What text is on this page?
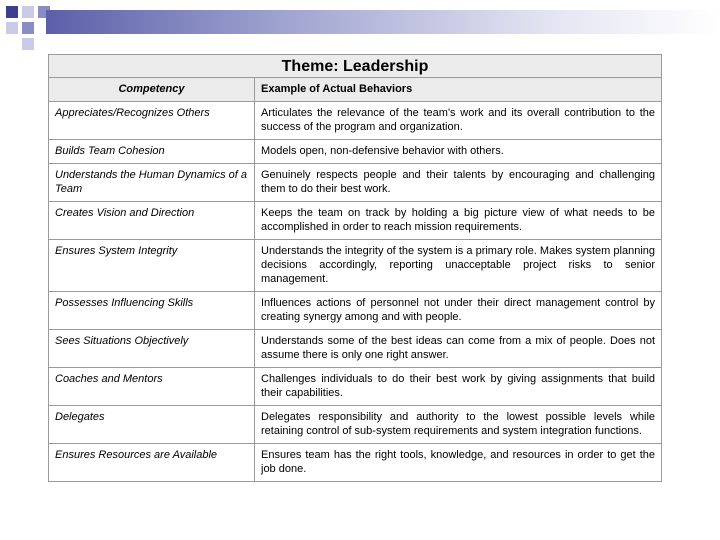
Theme: Leadership	
Competency	Example of Actual Behaviors
Appreciates/Recognizes Others	Articulates the relevance of the team's work and its overall contribution to the success of the program and organization.
Builds Team Cohesion	Models open, non-defensive behavior with others.
Understands the Human Dynamics of a Team	Genuinely respects people and their talents by encouraging and challenging them to do their best work.
Creates Vision and Direction	Keeps the team on track by holding a big picture view of what needs to be accomplished in order to reach mission requirements.
Ensures System Integrity	Understands the integrity of the system is a primary role. Makes system planning decisions accordingly, reporting unacceptable project risks to senior management.
Possesses Influencing Skills	Influences actions of personnel not under their direct management control by creating synergy among and with people.
Sees Situations Objectively	Understands some of the best ideas can come from a mix of people. Does not assume there is only one right answer.
Coaches and Mentors	Challenges individuals to do their best work by giving assignments that build their capabilities.
Delegates	Delegates responsibility and authority to the lowest possible levels while retaining control of sub-system requirements and system integration functions.
Ensures Resources are Available	Ensures team has the right tools, knowledge, and resources in order to get the job done.
